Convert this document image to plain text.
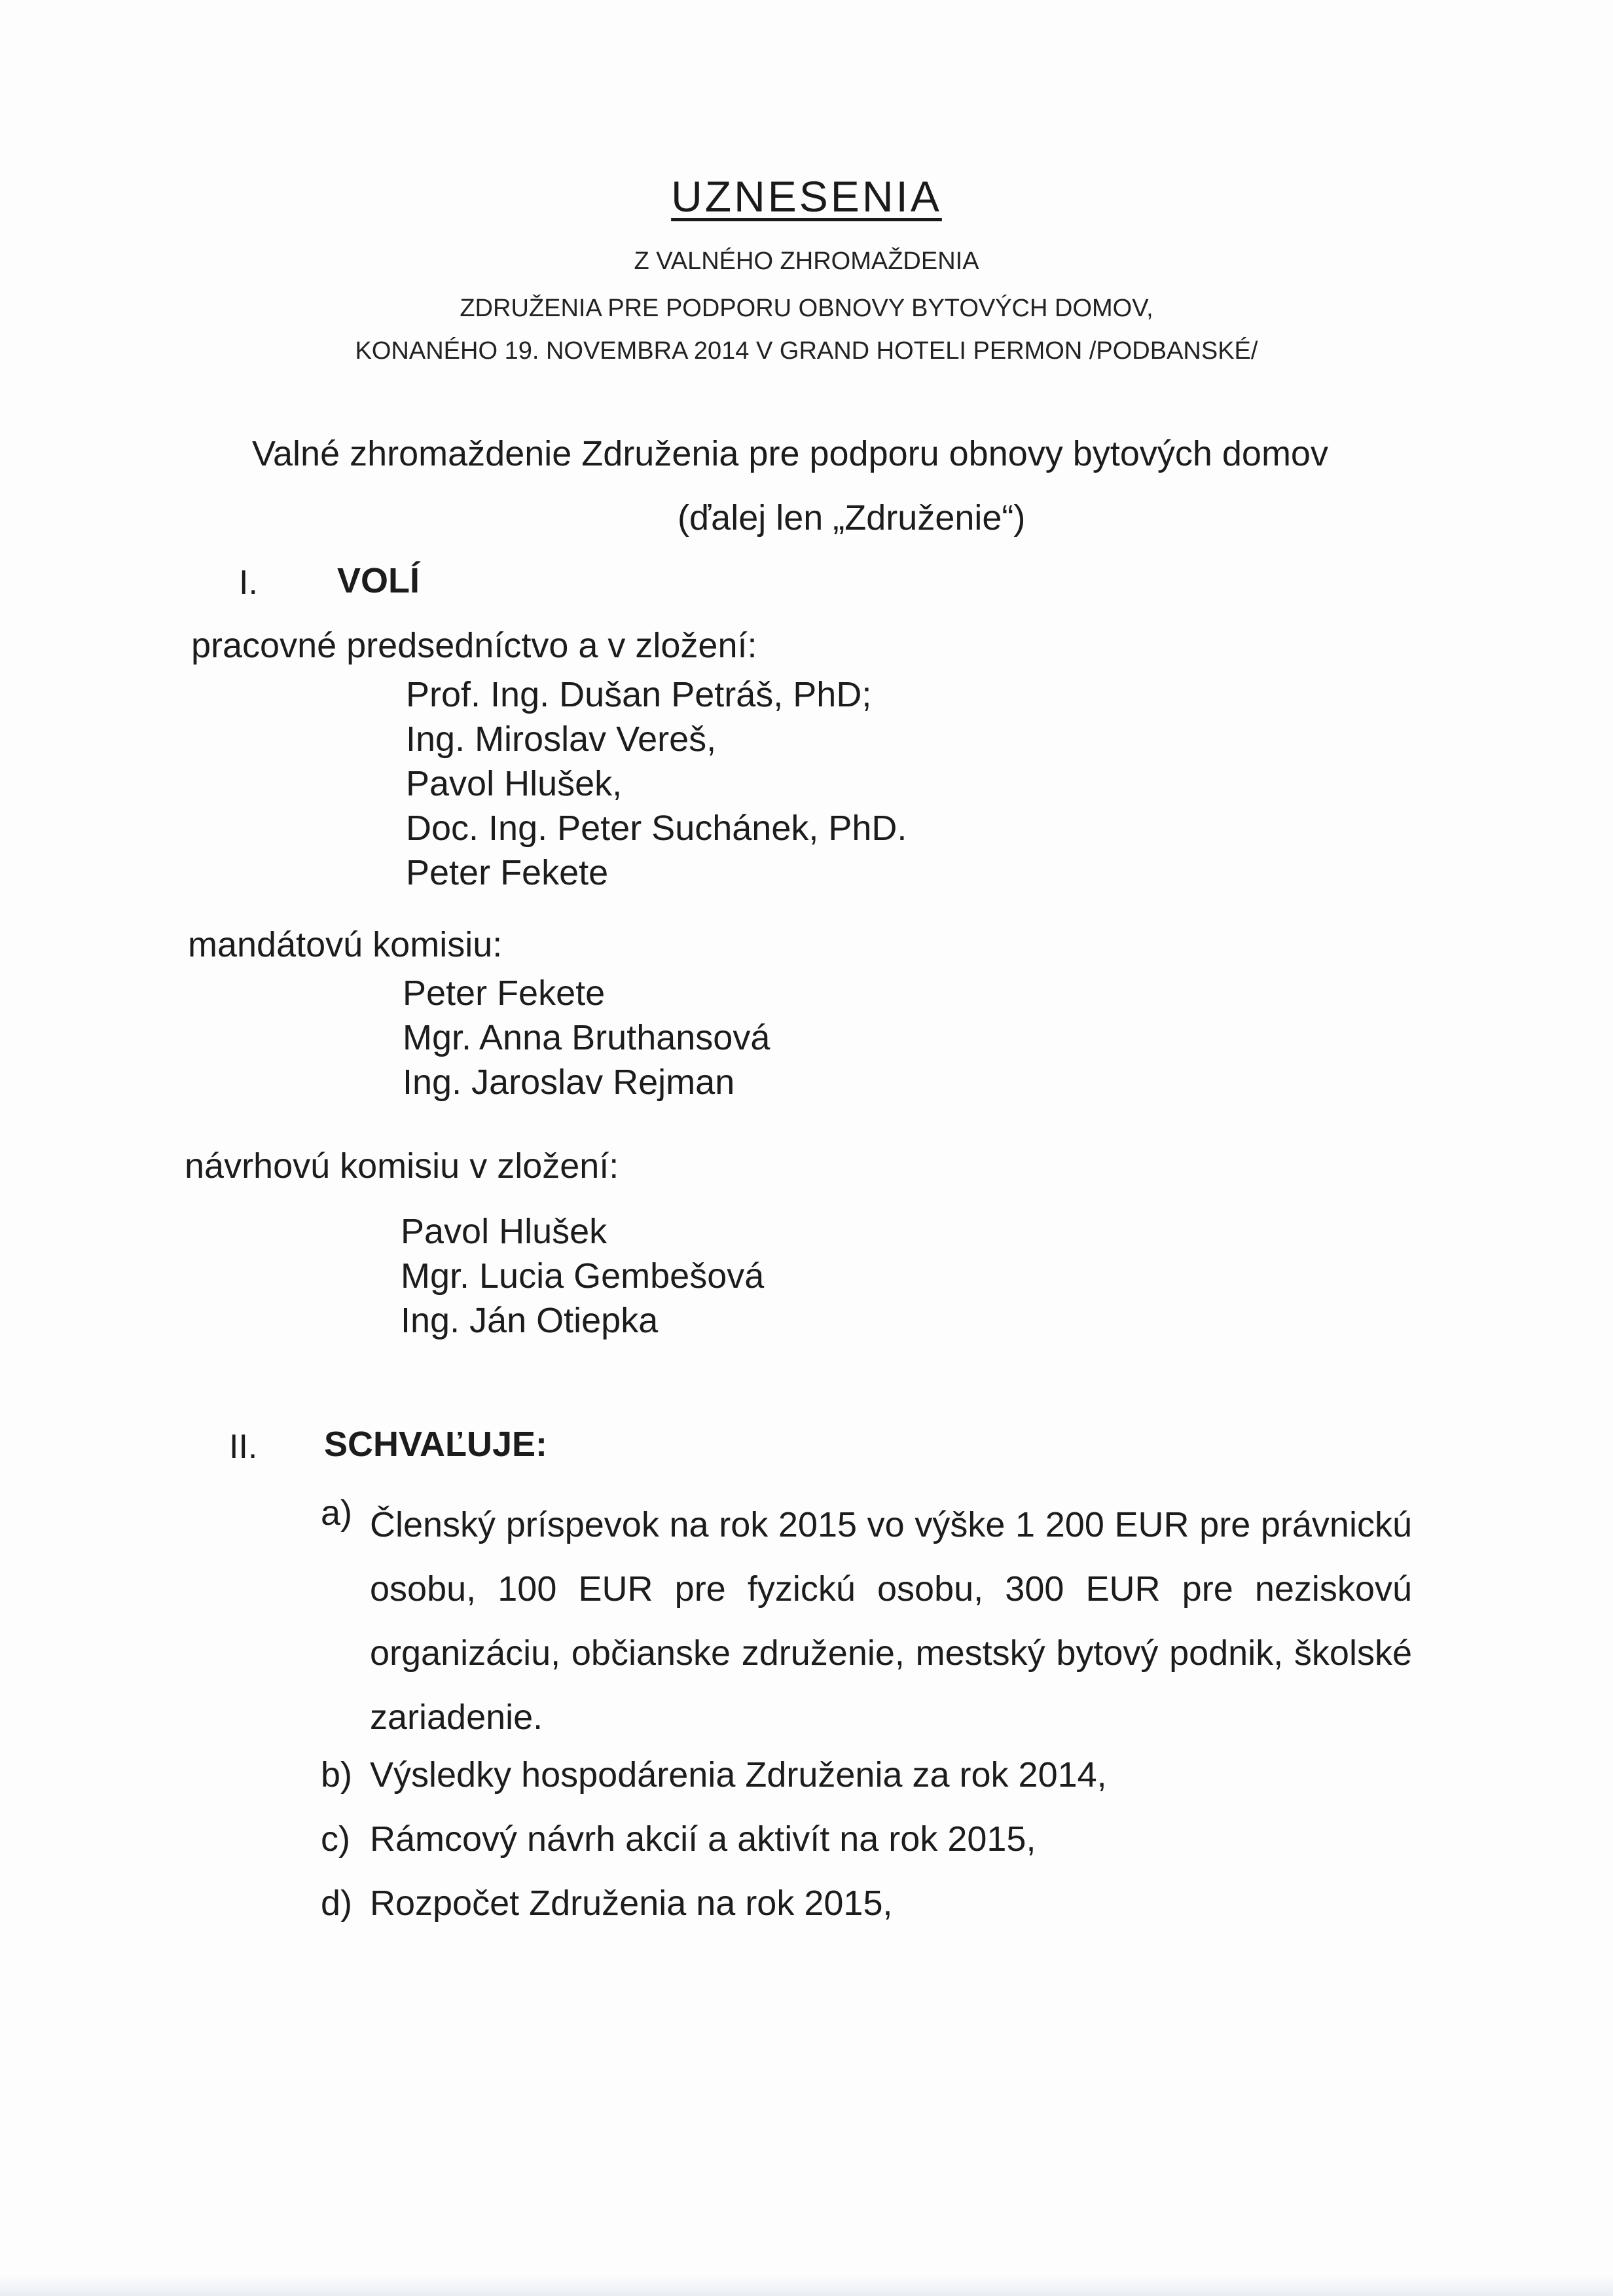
UZNESENIA
Z VALNÉHO ZHROMAŽDENIA
ZDRUŽENIA PRE PODPORU OBNOVY BYTOVÝCH DOMOV,
KONANÉHO 19. NOVEMBRA 2014 V GRAND HOTELI PERMON /PODBANSKÉ/
Valné zhromaždenie Združenia pre podporu obnovy bytových domov
(ďalej len „Združenie“)
I. VOLÍ
pracovné predsedníctvo a v zložení:
Prof. Ing. Dušan Petráš, PhD;
Ing. Miroslav Vereš,
Pavol Hlušek,
Doc. Ing. Peter Suchánek, PhD.
Peter Fekete
mandátovú komisiu:
Peter Fekete
Mgr. Anna Bruthansová
Ing. Jaroslav Rejman
návrhovú komisiu v zložení:
Pavol Hlušek
Mgr. Lucia Gembešová
Ing. Ján Otiepka
II. SCHVAĽUJE:
a) Členský príspevok na rok 2015 vo výške 1 200 EUR pre právnickú osobu, 100 EUR pre fyzickú osobu, 300 EUR pre neziskovú organizáciu, občianske združenie, mestský bytový podnik, školské zariadenie.
b) Výsledky hospodárenia Združenia za rok 2014,
c) Rámcový návrh akcií a aktivít na rok 2015,
d) Rozpočet Združenia na rok 2015,
